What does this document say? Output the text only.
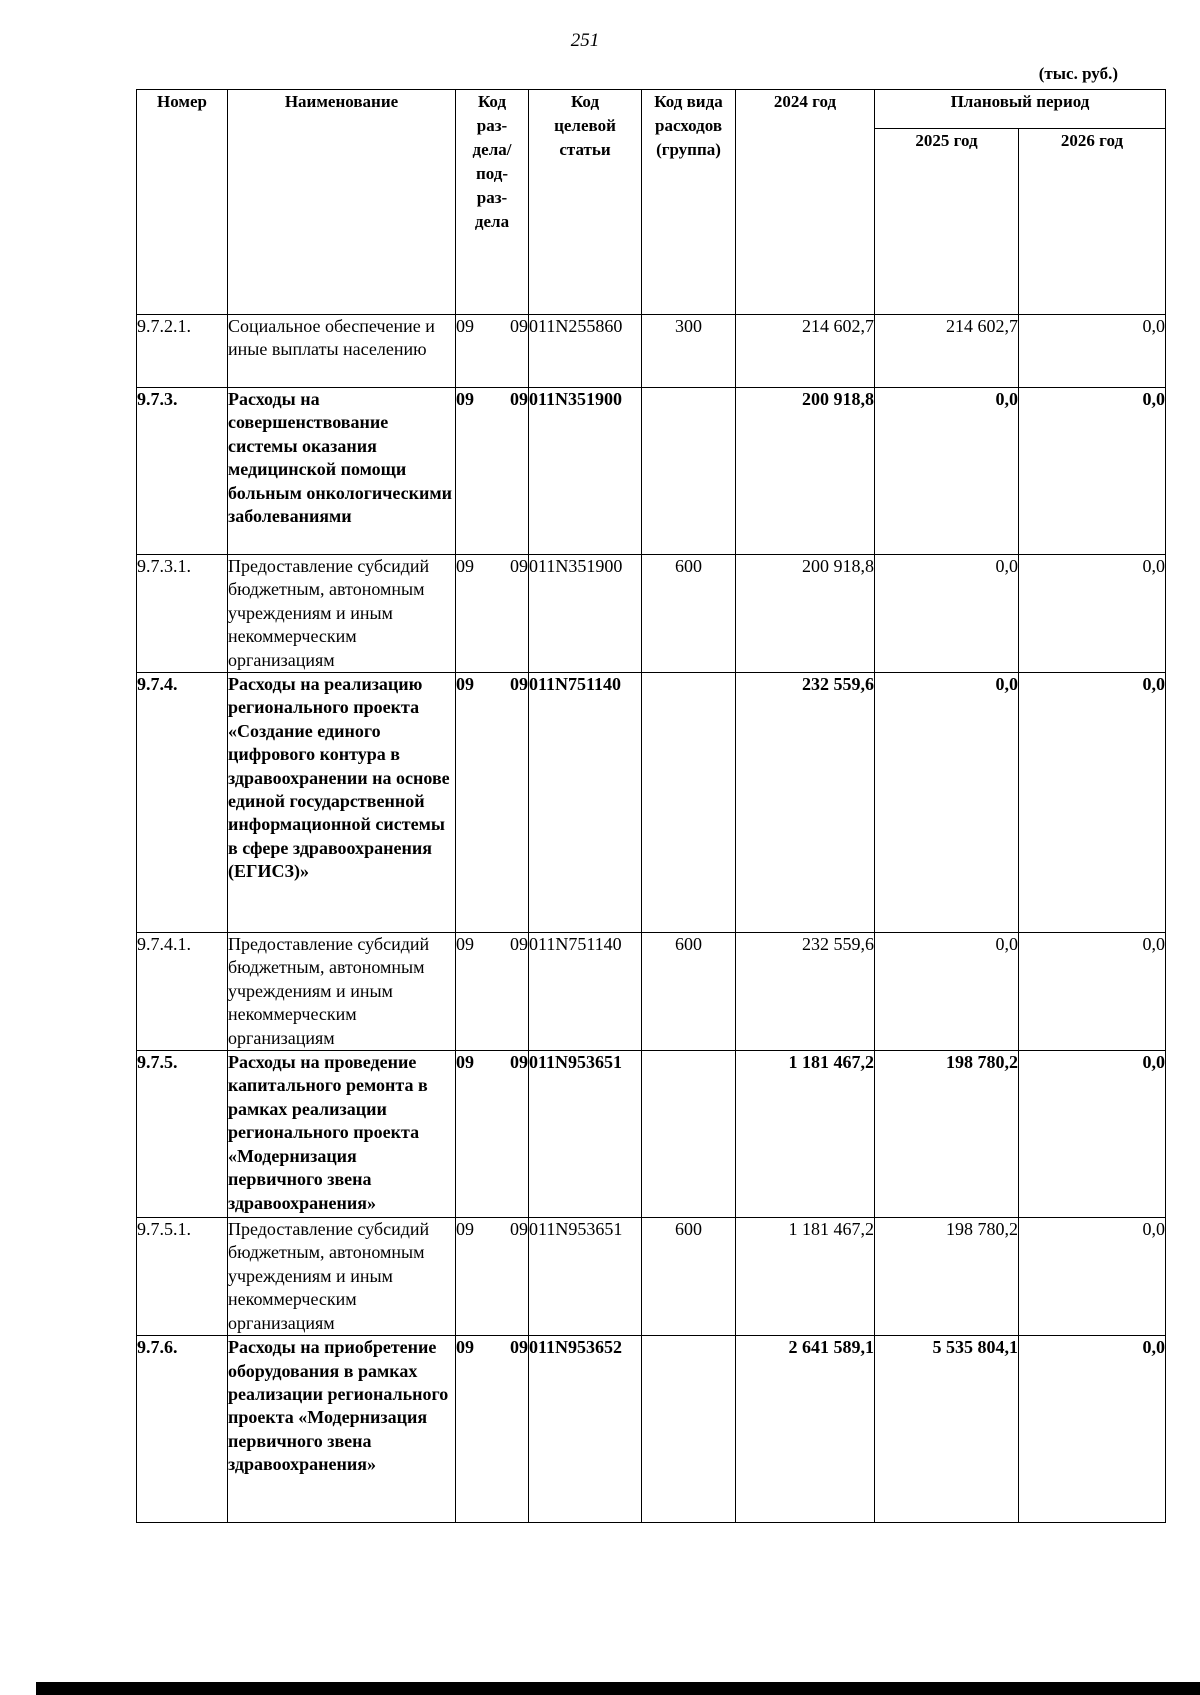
251
(тыс. руб.)
Номер	Наименование	Код раз- дела/ под- раз- дела	Код целевой статьи	Код вида расходов (группа)	2024 год	Плановый период	
						2025 год	2026 год
9.7.2.1.	Социальное обеспечение и иные выплаты населению	09 09	011N255860	300	214 602,7	214 602,7	0,0
9.7.3.	Расходы на совершенствование системы оказания медицинской помощи больным онкологическими заболеваниями	09 09	011N351900		200 918,8	0,0	0,0
9.7.3.1.	Предоставление субсидий бюджетным, автономным учреждениям и иным некоммерческим организациям	09 09	011N351900	600	200 918,8	0,0	0,0
9.7.4.	Расходы на реализацию регионального проекта «Создание единого цифрового контура в здравоохранении на основе единой государственной информационной системы в сфере здравоохранения (ЕГИСЗ)»	09 09	011N751140		232 559,6	0,0	0,0
9.7.4.1.	Предоставление субсидий бюджетным, автономным учреждениям и иным некоммерческим организациям	09 09	011N751140	600	232 559,6	0,0	0,0
9.7.5.	Расходы на проведение капитального ремонта в рамках реализации регионального проекта «Модернизация первичного звена здравоохранения»	09 09	011N953651		1 181 467,2	198 780,2	0,0
9.7.5.1.	Предоставление субсидий бюджетным, автономным учреждениям и иным некоммерческим организациям	09 09	011N953651	600	1 181 467,2	198 780,2	0,0
9.7.6.	Расходы на приобретение оборудования в рамках реализации регионального проекта «Модернизация первичного звена здравоохранения»	09 09	011N953652		2 641 589,1	5 535 804,1	0,0
